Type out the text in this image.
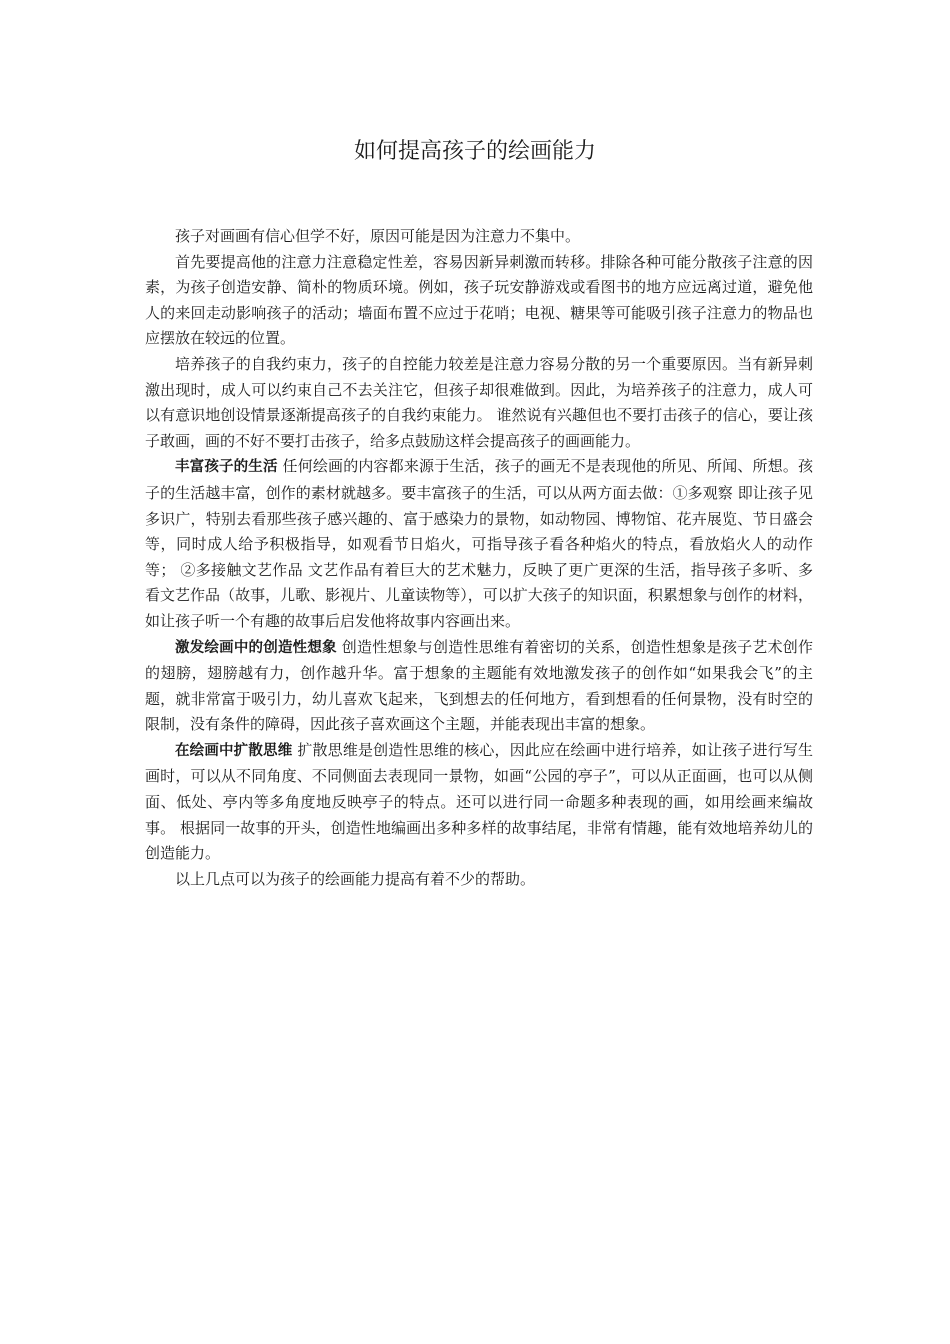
如何提高孩子的绘画能力

孩子对画画有信心但学不好，原因可能是因为注意力不集中。

首先要提高他的注意力注意稳定性差，容易因新异刺激而转移。排除各种可能分散孩子注意的因素，为孩子创造安静、简朴的物质环境。例如，孩子玩安静游戏或看图书的地方应远离过道，避免他人的来回走动影响孩子的活动；墙面布置不应过于花哨；电视、糖果等可能吸引孩子注意力的物品也应摆放在较远的位置。

培养孩子的自我约束力，孩子的自控能力较差是注意力容易分散的另一个重要原因。当有新异刺激出现时，成人可以约束自己不去关注它，但孩子却很难做到。因此，为培养孩子的注意力，成人可以有意识地创设情景逐渐提高孩子的自我约束能力。 谁然说有兴趣但也不要打击孩子的信心，要让孩子敢画，画的不好不要打击孩子，给多点鼓励这样会提高孩子的画画能力。

丰富孩子的生活 任何绘画的内容都来源于生活，孩子的画无不是表现他的所见、所闻、所想。孩子的生活越丰富，创作的素材就越多。要丰富孩子的生活，可以从两方面去做：①多观察 即让孩子见多识广，特别去看那些孩子感兴趣的、富于感染力的景物，如动物园、博物馆、花卉展览、节日盛会等，同时成人给予积极指导，如观看节日焰火，可指导孩子看各种焰火的特点，看放焰火人的动作等； ②多接触文艺作品 文艺作品有着巨大的艺术魅力，反映了更广更深的生活，指导孩子多听、多看文艺作品（故事，儿歌、影视片、儿童读物等），可以扩大孩子的知识面，积累想象与创作的材料，如让孩子听一个有趣的故事后启发他将故事内容画出来。

激发绘画中的创造性想象 创造性想象与创造性思维有着密切的关系，创造性想象是孩子艺术创作的翅膀，翅膀越有力，创作越升华。富于想象的主题能有效地激发孩子的创作如“如果我会飞”的主题，就非常富于吸引力，幼儿喜欢飞起来，飞到想去的任何地方，看到想看的任何景物，没有时空的限制，没有条件的障碍，因此孩子喜欢画这个主题，并能表现出丰富的想象。

在绘画中扩散思维 扩散思维是创造性思维的核心，因此应在绘画中进行培养，如让孩子进行写生画时，可以从不同角度、不同侧面去表现同一景物，如画“公园的亭子”，可以从正面画，也可以从侧面、低处、亭内等多角度地反映亭子的特点。还可以进行同一命题多种表现的画，如用绘画来编故事。 根据同一故事的开头，创造性地编画出多种多样的故事结尾，非常有情趣，能有效地培养幼儿的创造能力。

以上几点可以为孩子的绘画能力提高有着不少的帮助。
